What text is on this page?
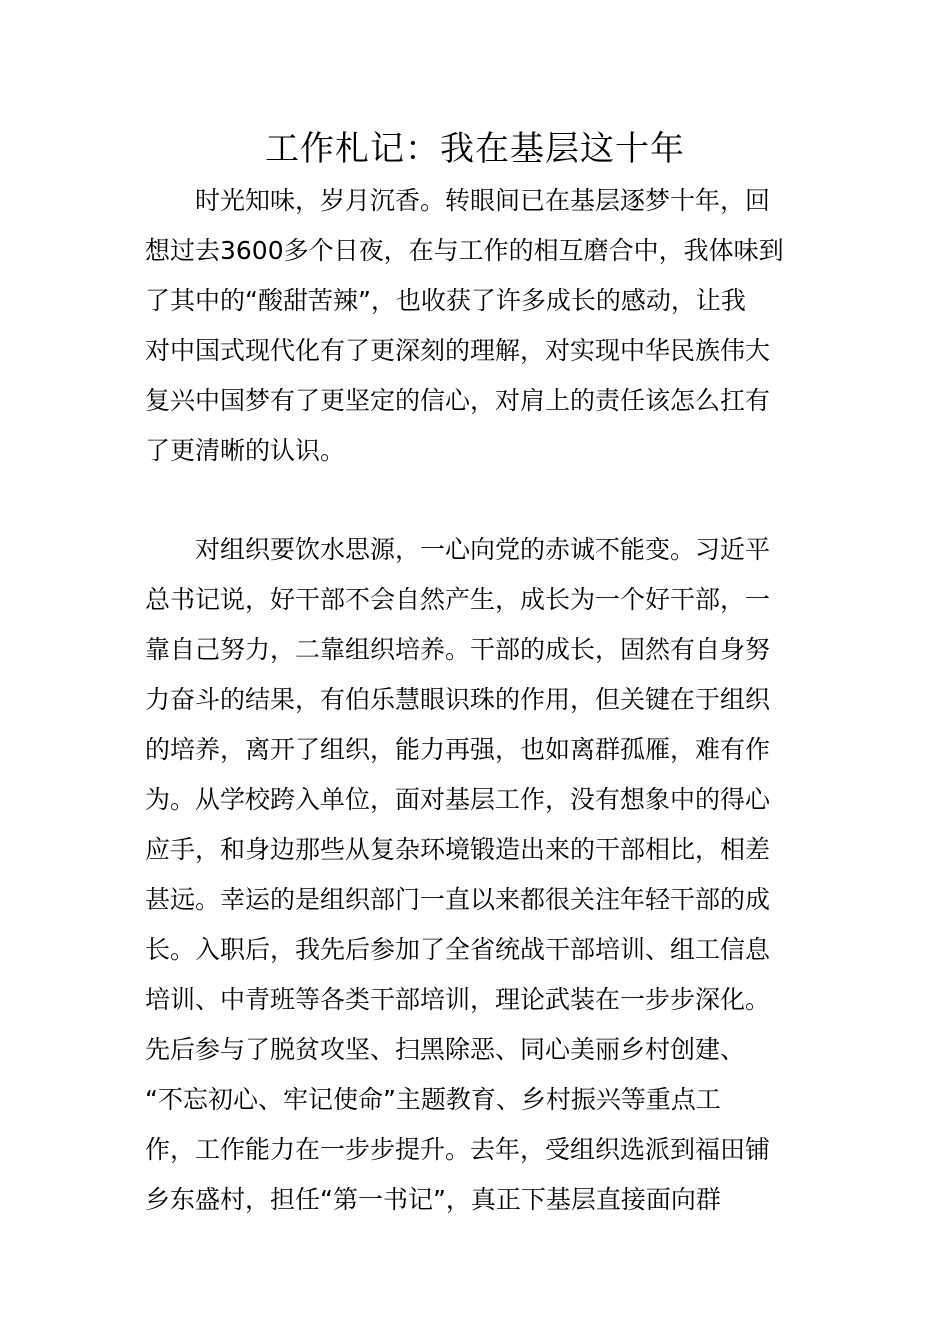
工作札记：我在基层这十年
时光知味，岁月沉香。转眼间已在基层逐梦十年，回
想过去3600多个日夜，在与工作的相互磨合中，我体味到
了其中的“酸甜苦辣”，也收获了许多成长的感动，让我
对中国式现代化有了更深刻的理解，对实现中华民族伟大
复兴中国梦有了更坚定的信心，对肩上的责任该怎么扛有
了更清晰的认识。
对组织要饮水思源，一心向党的赤诚不能变。习近平
总书记说，好干部不会自然产生，成长为一个好干部，一
靠自己努力，二靠组织培养。干部的成长，固然有自身努
力奋斗的结果，有伯乐慧眼识珠的作用，但关键在于组织
的培养，离开了组织，能力再强，也如离群孤雁，难有作
为。从学校跨入单位，面对基层工作，没有想象中的得心
应手，和身边那些从复杂环境锻造出来的干部相比，相差
甚远。幸运的是组织部门一直以来都很关注年轻干部的成
长。入职后，我先后参加了全省统战干部培训、组工信息
培训、中青班等各类干部培训，理论武装在一步步深化。
先后参与了脱贫攻坚、扫黑除恶、同心美丽乡村创建、
“不忘初心、牢记使命”主题教育、乡村振兴等重点工
作，工作能力在一步步提升。去年，受组织选派到福田铺
乡东盛村，担任“第一书记”，真正下基层直接面向群
